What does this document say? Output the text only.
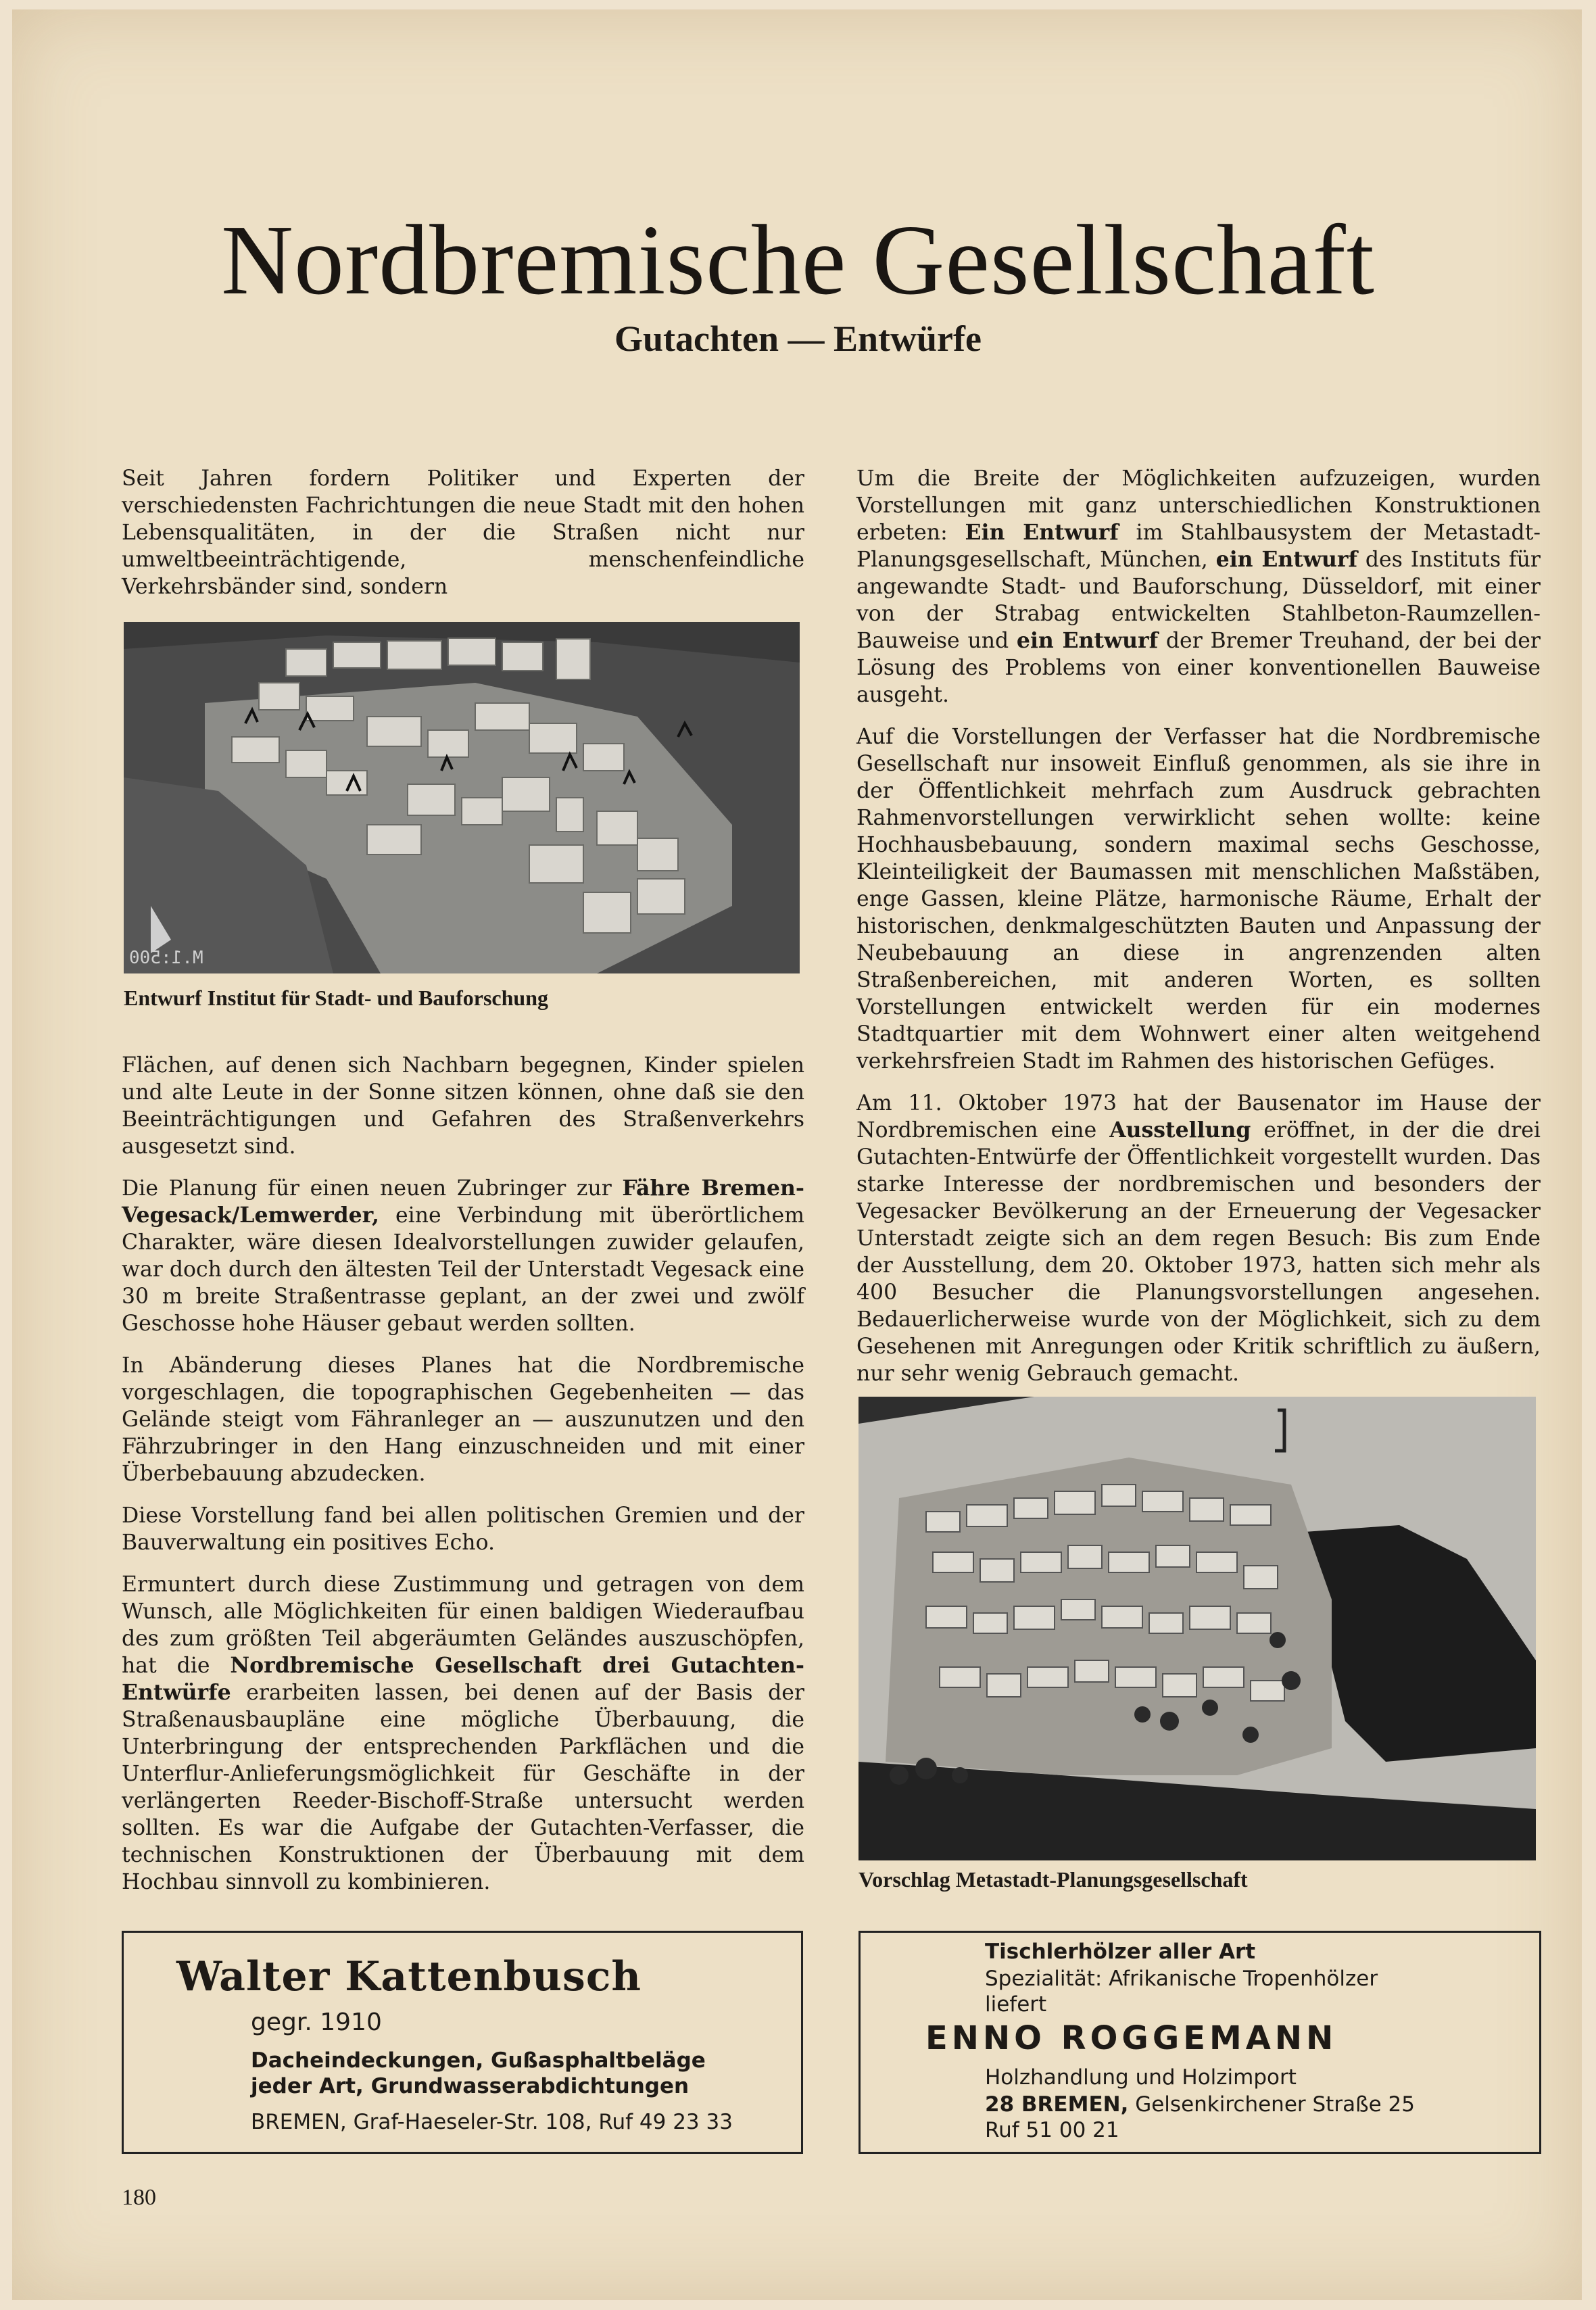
Nordbremische Gesellschaft
Gutachten — Entwürfe

Seit Jahren fordern Politiker und Experten der verschiedensten Fachrichtungen die neue Stadt mit den hohen Lebensqualitäten, in der die Straßen nicht nur umweltbeeinträchtigende, menschenfeindliche Verkehrsbänder sind, sondern

M.1:500
Entwurf Institut für Stadt- und Bauforschung

Flächen, auf denen sich Nachbarn begegnen, Kinder spielen und alte Leute in der Sonne sitzen können, ohne daß sie den Beeinträchtigungen und Gefahren des Straßenverkehrs ausgesetzt sind.

Die Planung für einen neuen Zubringer zur Fähre Bremen-Vegesack/Lemwerder, eine Verbindung mit überörtlichem Charakter, wäre diesen Idealvorstellungen zuwider gelaufen, war doch durch den ältesten Teil der Unterstadt Vegesack eine 30 m breite Straßentrasse geplant, an der zwei und zwölf Geschosse hohe Häuser gebaut werden sollten.

In Abänderung dieses Planes hat die Nordbremische vorgeschlagen, die topographischen Gegebenheiten — das Gelände steigt vom Fähranleger an — auszunutzen und den Fährzubringer in den Hang einzuschneiden und mit einer Überbebauung abzudecken.

Diese Vorstellung fand bei allen politischen Gremien und der Bauverwaltung ein positives Echo.

Ermuntert durch diese Zustimmung und getragen von dem Wunsch, alle Möglichkeiten für einen baldigen Wiederaufbau des zum größten Teil abgeräumten Geländes auszuschöpfen, hat die Nordbremische Gesellschaft drei Gutachten-Entwürfe erarbeiten lassen, bei denen auf der Basis der Straßenausbaupläne eine mögliche Überbauung, die Unterbringung der entsprechenden Parkflächen und die Unterflur-Anlieferungsmöglichkeit für Geschäfte in der verlängerten Reeder-Bischoff-Straße untersucht werden sollten. Es war die Aufgabe der Gutachten-Verfasser, die technischen Konstruktionen der Überbauung mit dem Hochbau sinnvoll zu kombinieren.

Um die Breite der Möglichkeiten aufzuzeigen, wurden Vorstellungen mit ganz unterschiedlichen Konstruktionen erbeten: Ein Entwurf im Stahlbausystem der Metastadt-Planungsgesellschaft, München, ein Entwurf des Instituts für angewandte Stadt- und Bauforschung, Düsseldorf, mit einer von der Strabag entwickelten Stahlbeton-Raumzellen-Bauweise und ein Entwurf der Bremer Treuhand, der bei der Lösung des Problems von einer konventionellen Bauweise ausgeht.

Auf die Vorstellungen der Verfasser hat die Nordbremische Gesellschaft nur insoweit Einfluß genommen, als sie ihre in der Öffentlichkeit mehrfach zum Ausdruck gebrachten Rahmenvorstellungen verwirklicht sehen wollte: keine Hochhausbebauung, sondern maximal sechs Geschosse, Kleinteiligkeit der Baumassen mit menschlichen Maßstäben, enge Gassen, kleine Plätze, harmonische Räume, Erhalt der historischen, denkmalgeschützten Bauten und Anpassung der Neubebauung an diese in angrenzenden alten Straßenbereichen, mit anderen Worten, es sollten Vorstellungen entwickelt werden für ein modernes Stadtquartier mit dem Wohnwert einer alten weitgehend verkehrsfreien Stadt im Rahmen des historischen Gefüges.

Am 11. Oktober 1973 hat der Bausenator im Hause der Nordbremischen eine Ausstellung eröffnet, in der die drei Gutachten-Entwürfe der Öffentlichkeit vorgestellt wurden. Das starke Interesse der nordbremischen und besonders der Vegesacker Bevölkerung an der Erneuerung der Vegesacker Unterstadt zeigte sich an dem regen Besuch: Bis zum Ende der Ausstellung, dem 20. Oktober 1973, hatten sich mehr als 400 Besucher die Planungsvorstellungen angesehen. Bedauerlicherweise wurde von der Möglichkeit, sich zu dem Gesehenen mit Anregungen oder Kritik schriftlich zu äußern, nur sehr wenig Gebrauch gemacht.

Vorschlag Metastadt-Planungsgesellschaft
Walter Kattenbusch
gegr. 1910
Dacheindeckungen, Gußasphaltbeläge jeder Art, Grundwasserabdichtungen
BREMEN, Graf-Haeseler-Str. 108, Ruf 49 23 33
Tischlerhölzer aller Art
Spezialität: Afrikanische Tropenhölzer
liefert
ENNO ROGGEMANN
Holzhandlung und Holzimport
28 BREMEN, Gelsenkirchener Straße 25
Ruf 51 00 21
180
